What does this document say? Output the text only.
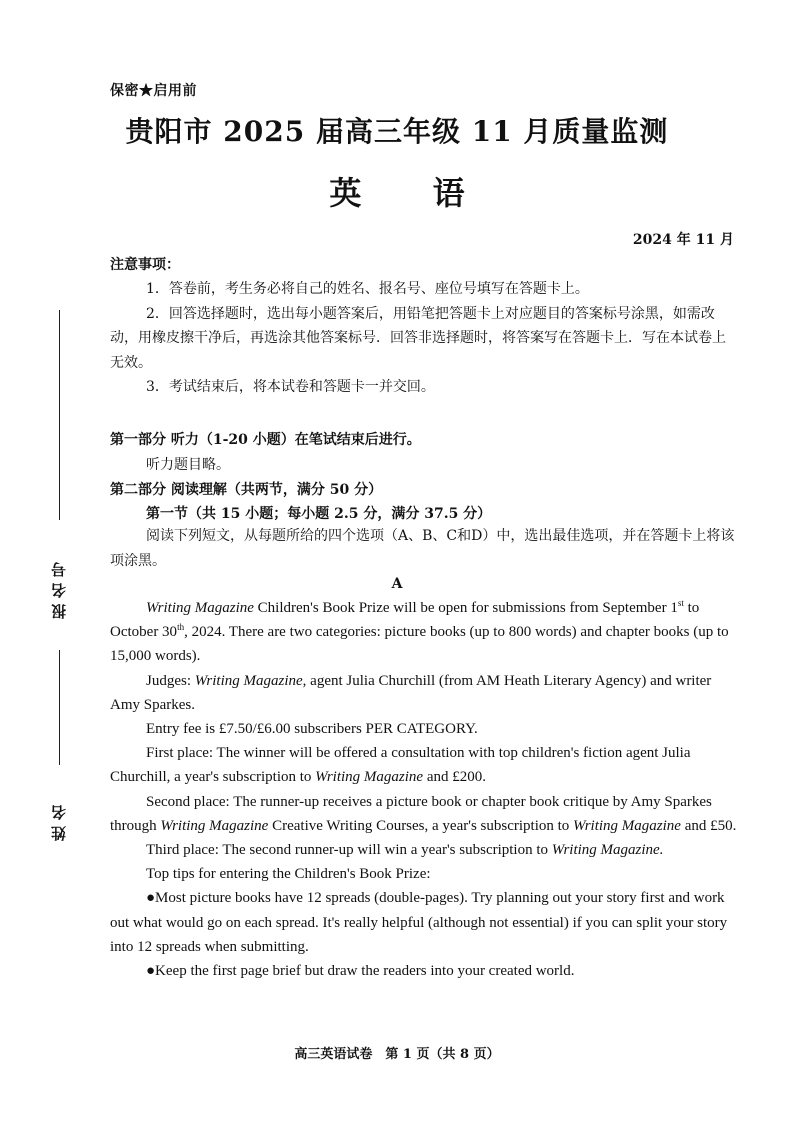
报名号
姓名
保密★启用前
贵阳市 2025 届高三年级 11 月质量监测
英 语
2024 年 11 月
注意事项：

1．答卷前，考生务必将自己的姓名、报名号、座位号填写在答题卡上。

2．回答选择题时，选出每小题答案后，用铅笔把答题卡上对应题目的答案标号涂黑，如需改动，用橡皮擦干净后，再选涂其他答案标号．回答非选择题时，将答案写在答题卡上．写在本试卷上无效。

3．考试结束后，将本试卷和答题卡一并交回。

第一部分 听力（1-20 小题）在笔试结束后进行。
听力题目略。
第二部分 阅读理解（共两节，满分 50 分）
第一节（共 15 小题；每小题 2.5 分，满分 37.5 分）
阅读下列短文，从每题所给的四个选项（A、B、C和D）中，选出最佳选项，并在答题卡上将该项涂黑。
A

Writing Magazine Children's Book Prize will be open for submissions from September 1st to October 30th, 2024. There are two categories: picture books (up to 800 words) and chapter books (up to 15,000 words).

Judges: Writing Magazine, agent Julia Churchill (from AM Heath Literary Agency) and writer Amy Sparkes.

Entry fee is £7.50/£6.00 subscribers PER CATEGORY.

First place: The winner will be offered a consultation with top children's fiction agent Julia Churchill, a year's subscription to Writing Magazine and £200.

Second place: The runner-up receives a picture book or chapter book critique by Amy Sparkes through Writing Magazine Creative Writing Courses, a year's subscription to Writing Magazine and £50.

Third place: The second runner-up will win a year's subscription to Writing Magazine.

Top tips for entering the Children's Book Prize:

●Most picture books have 12 spreads (double-pages). Try planning out your story first and work out what would go on each spread. It's really helpful (although not essential) if you can split your story into 12 spreads when submitting.

●Keep the first page brief but draw the readers into your created world.

高三英语试卷　第 1 页（共 8 页）
